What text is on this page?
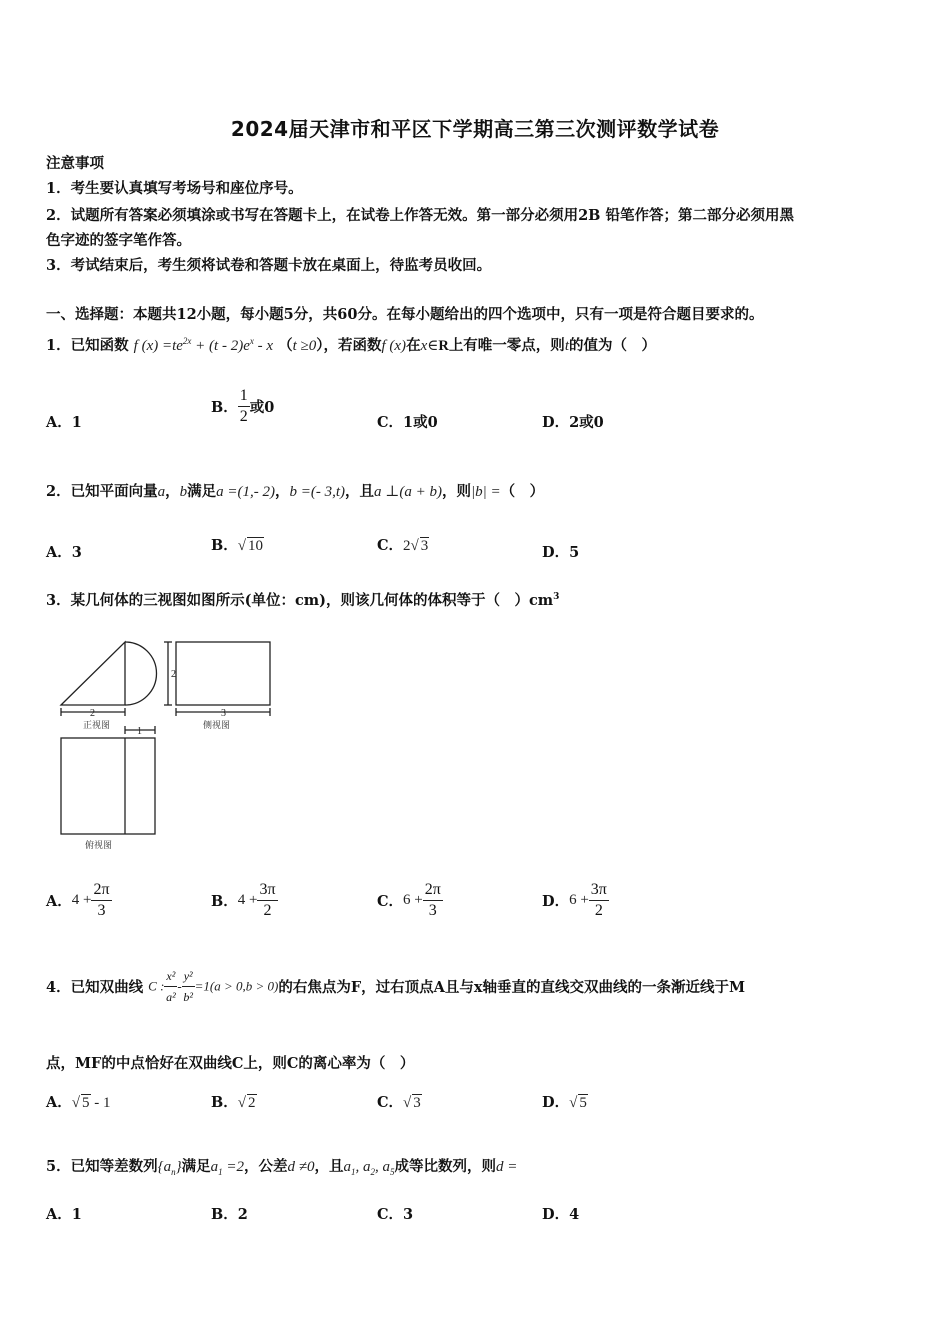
2024届天津市和平区下学期高三第三次测评数学试卷
注意事项
1．考生要认真填写考场号和座位序号。
2．试题所有答案必须填涂或书写在答题卡上，在试卷上作答无效。第一部分必须用2B 铅笔作答；第二部分必须用黑
色字迹的签字笔作答。
3．考试结束后，考生须将试卷和答题卡放在桌面上，待监考员收回。
一、选择题：本题共12小题，每小题5分，共60分。在每小题给出的四个选项中，只有一项是符合题目要求的。
1．已知函数 f $(x) =te^{2x} + (t - 2)e^x - x$ （t ≥0），若函数f (x)在x∈R上有唯一零点，则t的值为（　）
A．1
B． $\frac{1}{2}$ 或0
C．1或0	D．2或0
2．已知平面向量a，b满足a =(1,- 2)，b =(- 3,t)，且a ⊥(a + b)，则|b| =（　）
A．3	B．√ 10	C．2√ 3	D．5
3．某几何体的三视图如图所示(单位：cm)，则该几何体的体积等于（　）$cm^3$
2
2
3
1
正视图	侧视图
俯视图
A．$4 + \frac{2\pi}{3}$	B．$4 + \frac{3\pi}{2}$	C．$6 + \frac{2\pi}{3}$	D．$6 + \frac{3\pi}{2}$
4．已知双曲线 C : $\frac{\text{x²}}{\text{a²}} - \frac{\text{y²}}{\text{b²}} =1(a > 0,b > 0)$的右焦点为F，过右顶点A且与x轴垂直的直线交双曲线的一条渐近线于M
点，MF的中点恰好在双曲线C上，则C的离心率为（　）
A．√ 5 - 1	B．√ 2	C．√ 3	D．√ 5
5．已知等差数列$\{a_n\}$满足$a_1 =2$，公差d ≠0，且$a_1$, $a_2$, $a_5$成等比数列，则d =
A．1	B．2	C．3	D．4
